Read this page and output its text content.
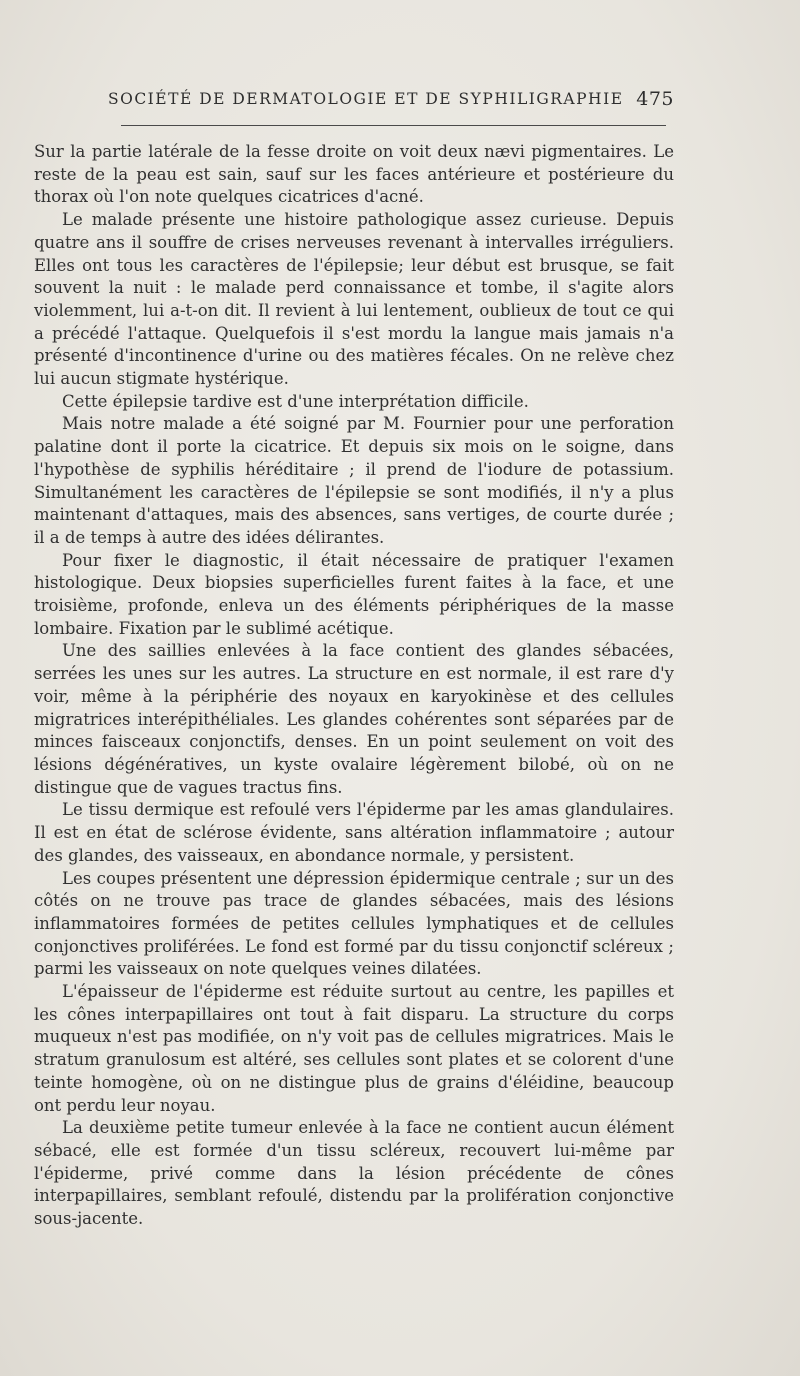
SOCIÉTÉ DE DERMATOLOGIE ET DE SYPHILIGRAPHIE 475

Sur la partie latérale de la fesse droite on voit deux nævi pigmentaires. Le reste de la peau est sain, sauf sur les faces antérieure et postérieure du thorax où l'on note quelques cicatrices d'acné.

Le malade présente une histoire pathologique assez curieuse. Depuis quatre ans il souffre de crises nerveuses revenant à intervalles irréguliers. Elles ont tous les caractères de l'épilepsie; leur début est brusque, se fait souvent la nuit : le malade perd connaissance et tombe, il s'agite alors violemment, lui a-t-on dit. Il revient à lui lentement, oublieux de tout ce qui a précédé l'attaque. Quelquefois il s'est mordu la langue mais jamais n'a présenté d'incontinence d'urine ou des matières fécales. On ne relève chez lui aucun stigmate hystérique.

Cette épilepsie tardive est d'une interprétation difficile.

Mais notre malade a été soigné par M. Fournier pour une perforation palatine dont il porte la cicatrice. Et depuis six mois on le soigne, dans l'hypothèse de syphilis héréditaire ; il prend de l'iodure de potassium. Simultanément les caractères de l'épilepsie se sont modifiés, il n'y a plus maintenant d'attaques, mais des absences, sans vertiges, de courte durée ; il a de temps à autre des idées délirantes.

Pour fixer le diagnostic, il était nécessaire de pratiquer l'examen histologique. Deux biopsies superficielles furent faites à la face, et une troisième, profonde, enleva un des éléments périphériques de la masse lombaire. Fixation par le sublimé acétique.

Une des saillies enlevées à la face contient des glandes sébacées, serrées les unes sur les autres. La structure en est normale, il est rare d'y voir, même à la périphérie des noyaux en karyokinèse et des cellules migratrices interépithéliales. Les glandes cohérentes sont séparées par de minces faisceaux conjonctifs, denses. En un point seulement on voit des lésions dégénératives, un kyste ovalaire légèrement bilobé, où on ne distingue que de vagues tractus fins.

Le tissu dermique est refoulé vers l'épiderme par les amas glandulaires. Il est en état de sclérose évidente, sans altération inflammatoire ; autour des glandes, des vaisseaux, en abondance normale, y persistent.

Les coupes présentent une dépression épidermique centrale ; sur un des côtés on ne trouve pas trace de glandes sébacées, mais des lésions inflammatoires formées de petites cellules lymphatiques et de cellules conjonctives proliférées. Le fond est formé par du tissu conjonctif scléreux ; parmi les vaisseaux on note quelques veines dilatées.

L'épaisseur de l'épiderme est réduite surtout au centre, les papilles et les cônes interpapillaires ont tout à fait disparu. La structure du corps muqueux n'est pas modifiée, on n'y voit pas de cellules migratrices. Mais le stratum granulosum est altéré, ses cellules sont plates et se colorent d'une teinte homogène, où on ne distingue plus de grains d'éléidine, beaucoup ont perdu leur noyau.

La deuxième petite tumeur enlevée à la face ne contient aucun élément sébacé, elle est formée d'un tissu scléreux, recouvert lui-même par l'épiderme, privé comme dans la lésion précédente de cônes interpapillaires, semblant refoulé, distendu par la prolifération conjonctive sous-jacente.
